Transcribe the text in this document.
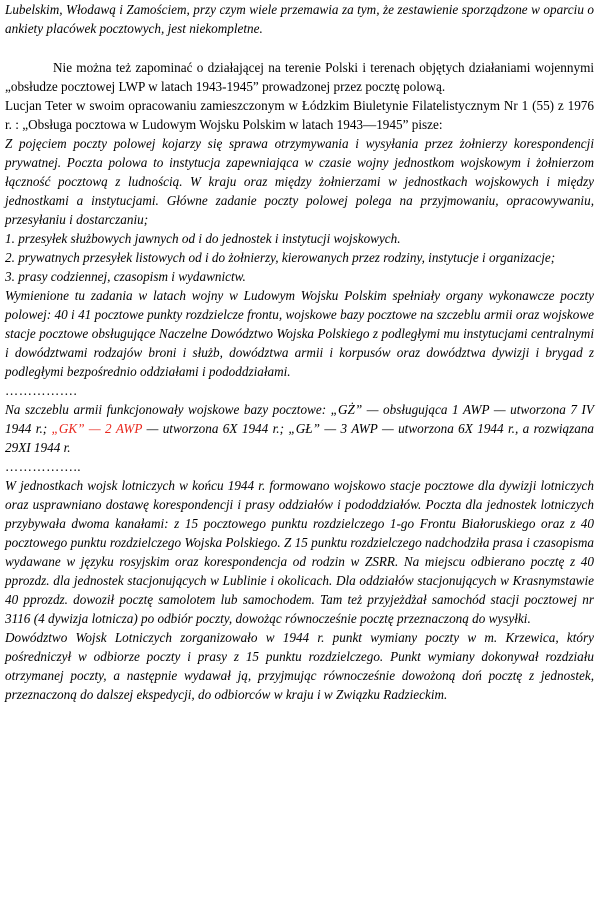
Lubelskim, Włodawą i Zamościem, przy czym wiele przemawia za tym, że zestawienie sporządzone w oparciu o ankiety placówek pocztowych, jest niekompletne.

Nie można też zapominać o działającej na terenie Polski i terenach objętych działaniami wojennymi „obsłudze pocztowej LWP w latach 1943-1945” prowadzonej przez pocztę polową.

Lucjan Teter w swoim opracowaniu zamieszczonym w Łódzkim Biuletynie Filatelistycznym Nr 1 (55) z 1976 r. : „Obsługa pocztowa w Ludowym Wojsku Polskim w latach 1943—1945” pisze:

Z pojęciem poczty polowej kojarzy się sprawa otrzymywania i wysyłania przez żołnierzy korespondencji prywatnej. Poczta polowa to instytucja zapewniająca w czasie wojny jednostkom wojskowym i żołnierzom łączność pocztową z ludnością. W kraju oraz między żołnierzami w jednostkach wojskowych i między jednostkami a instytucjami. Główne zadanie poczty polowej polega na przyjmowaniu, opracowywaniu, przesyłaniu i dostarczaniu;

1. przesyłek służbowych jawnych od i do jednostek i instytucji wojskowych.

2. prywatnych przesyłek listowych od i do żołnierzy, kierowanych przez rodziny, instytucje i organizacje;

3. prasy codziennej, czasopism i wydawnictw.

Wymienione tu zadania w latach wojny w Ludowym Wojsku Polskim spełniały organy wykonawcze poczty polowej: 40 i 41 pocztowe punkty rozdzielcze frontu, wojskowe bazy pocztowe na szczeblu armii oraz wojskowe stacje pocztowe obsługujące Naczelne Dowództwo Wojska Polskiego z podległymi mu instytucjami centralnymi i dowództwami rodzajów broni i służb, dowództwa armii i korpusów oraz dowództwa dywizji i brygad z podległymi bezpośrednio oddziałami i pododdziałami.

…………….

Na szczeblu armii funkcjonowały wojskowe bazy pocztowe: „GŻ” — obsługująca 1 AWP — utworzona 7 IV 1944 r.; „GK” — 2 AWP — utworzona 6X 1944 r.; „GŁ” — 3 AWP — utworzona 6X 1944 r., a rozwiązana 29XI 1944 r.

……………..

W jednostkach wojsk lotniczych w końcu 1944 r. formowano wojskowo stacje pocztowe dla dywizji lotniczych oraz usprawniano dostawę korespondencji i prasy oddziałów i pododdziałów. Poczta dla jednostek lotniczych przybywała dwoma kanałami: z 15 pocztowego punktu rozdzielczego 1-go Frontu Białoruskiego oraz z 40 pocztowego punktu rozdzielczego Wojska Polskiego. Z 15 punktu rozdzielczego nadchodziła prasa i czasopisma wydawane w języku rosyjskim oraz korespondencja od rodzin w ZSRR. Na miejscu odbierano pocztę z 40 pprozdz. dla jednostek stacjonujących w Lublinie i okolicach. Dla oddziałów stacjonujących w Krasnymstawie 40 pprozdz. dowoził pocztę samolotem lub samochodem. Tam też przyjeżdżał samochód stacji pocztowej nr 3116 (4 dywizja lotnicza) po odbiór poczty, dowożąc równocześnie pocztę przeznaczoną do wysyłki.

Dowództwo Wojsk Lotniczych zorganizowało w 1944 r. punkt wymiany poczty w m. Krzewica, który pośredniczył w odbiorze poczty i prasy z 15 punktu rozdzielczego. Punkt wymiany dokonywał rozdziału otrzymanej poczty, a następnie wydawał ją, przyjmując równocześnie dowożoną doń pocztę z jednostek, przeznaczoną do dalszej ekspedycji, do odbiorców w kraju i w Związku Radzieckim.
